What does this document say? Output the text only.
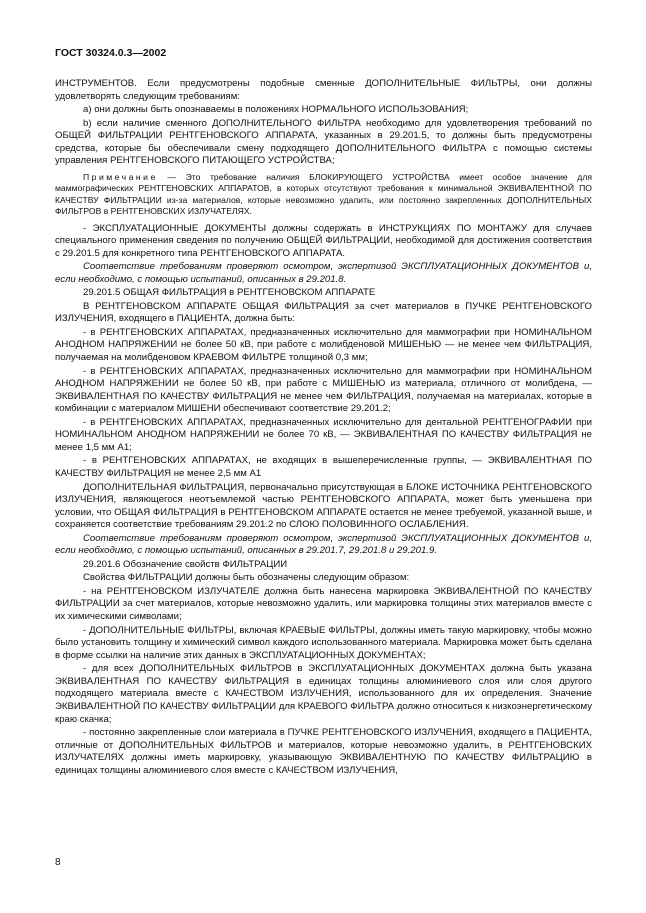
ГОСТ 30324.0.3—2002

ИНСТРУМЕНТОВ. Если предусмотрены подобные сменные ДОПОЛНИТЕЛЬНЫЕ ФИЛЬТРЫ, они должны удовлетворять следующим требованиям:

а) они должны быть опознаваемы в положениях НОРМАЛЬНОГО ИСПОЛЬЗОВАНИЯ;

b) если наличие сменного ДОПОЛНИТЕЛЬНОГО ФИЛЬТРА необходимо для удовлетворения требований по ОБЩЕЙ ФИЛЬТРАЦИИ РЕНТГЕНОВСКОГО АППАРАТА, указанных в 29.201.5, то должны быть предусмотрены средства, которые бы обеспечивали смену подходящего ДОПОЛНИТЕЛЬНОГО ФИЛЬТРА с помощью системы управления РЕНТГЕНОВСКОГО ПИТАЮЩЕГО УСТРОЙСТВА;

Примечание — Это требование наличия БЛОКИРУЮЩЕГО УСТРОЙСТВА имеет особое значение для маммографических РЕНТГЕНОВСКИХ АППАРАТОВ, в которых отсутствуют требования к минимальной ЭКВИВАЛЕНТНОЙ ПО КАЧЕСТВУ ФИЛЬТРАЦИИ из-за материалов, которые невозможно удалить, или постоянно закрепленных ДОПОЛНИТЕЛЬНЫХ ФИЛЬТРОВ в РЕНТГЕНОВСКИХ ИЗЛУЧАТЕЛЯХ.

- ЭКСПЛУАТАЦИОННЫЕ ДОКУМЕНТЫ должны содержать в ИНСТРУКЦИЯХ ПО МОНТАЖУ для случаев специального применения сведения по получению ОБЩЕЙ ФИЛЬТРАЦИИ, необходимой для достижения соответствия с 29.201.5 для конкретного типа РЕНТГЕНОВСКОГО АППАРАТА.

Соответствие требованиям проверяют осмотром, экспертизой ЭКСПЛУАТАЦИОННЫХ ДОКУМЕНТОВ и, если необходимо, с помощью испытаний, описанных в 29.201.8.

29.201.5 ОБЩАЯ ФИЛЬТРАЦИЯ в РЕНТГЕНОВСКОМ АППАРАТЕ

В РЕНТГЕНОВСКОМ АППАРАТЕ ОБЩАЯ ФИЛЬТРАЦИЯ за счет материалов в ПУЧКЕ РЕНТГЕНОВСКОГО ИЗЛУЧЕНИЯ, входящего в ПАЦИЕНТА, должна быть:

- в РЕНТГЕНОВСКИХ АППАРАТАХ, предназначенных исключительно для маммографии при НОМИНАЛЬНОМ АНОДНОМ НАПРЯЖЕНИИ не более 50 кВ, при работе с молибденовой МИШЕНЬЮ — не менее чем ФИЛЬТРАЦИЯ, получаемая на молибденовом КРАЕВОМ ФИЛЬТРЕ толщиной 0,3 мм;

- в РЕНТГЕНОВСКИХ АППАРАТАХ, предназначенных исключительно для маммографии при НОМИНАЛЬНОМ АНОДНОМ НАПРЯЖЕНИИ не более 50 кВ, при работе с МИШЕНЬЮ из материала, отличного от молибдена, — ЭКВИВАЛЕНТНАЯ ПО КАЧЕСТВУ ФИЛЬТРАЦИЯ не менее чем ФИЛЬТРАЦИЯ, получаемая на материалах, которые в комбинации с материалом МИШЕНИ обеспечивают соответствие 29.201.2;

- в РЕНТГЕНОВСКИХ АППАРАТАХ, предназначенных исключительно для дентальной РЕНТГЕНОГРАФИИ при НОМИНАЛЬНОМ АНОДНОМ НАПРЯЖЕНИИ не более 70 кВ, — ЭКВИВАЛЕНТНАЯ ПО КАЧЕСТВУ ФИЛЬТРАЦИЯ не менее 1,5 мм А1;

- в РЕНТГЕНОВСКИХ АППАРАТАХ, не входящих в вышеперечисленные группы, — ЭКВИВАЛЕНТНАЯ ПО КАЧЕСТВУ ФИЛЬТРАЦИЯ не менее 2,5 мм А1

ДОПОЛНИТЕЛЬНАЯ ФИЛЬТРАЦИЯ, первоначально присутствующая в БЛОКЕ ИСТОЧНИКА РЕНТГЕНОВСКОГО ИЗЛУЧЕНИЯ, являющегося неотъемлемой частью РЕНТГЕНОВСКОГО АППАРАТА, может быть уменьшена при условии, что ОБЩАЯ ФИЛЬТРАЦИЯ в РЕНТГЕНОВСКОМ АППАРАТЕ остается не менее требуемой, указанной выше, и сохраняется соответствие требованиям 29.201.2 по СЛОЮ ПОЛОВИННОГО ОСЛАБЛЕНИЯ.

Соответствие требованиям проверяют осмотром, экспертизой ЭКСПЛУАТАЦИОННЫХ ДОКУМЕНТОВ и, если необходимо, с помощью испытаний, описанных в 29.201.7, 29.201.8 и 29.201.9.

29.201.6 Обозначение свойств ФИЛЬТРАЦИИ

Свойства ФИЛЬТРАЦИИ должны быть обозначены следующим образом:

- на РЕНТГЕНОВСКОМ ИЗЛУЧАТЕЛЕ должна быть нанесена маркировка ЭКВИВАЛЕНТНОЙ ПО КАЧЕСТВУ ФИЛЬТРАЦИИ за счет материалов, которые невозможно удалить, или маркировка толщины этих материалов вместе с их химическими символами;

- ДОПОЛНИТЕЛЬНЫЕ ФИЛЬТРЫ, включая КРАЕВЫЕ ФИЛЬТРЫ, должны иметь такую маркировку, чтобы можно было установить толщину и химический символ каждого использованного материала. Маркировка может быть сделана в форме ссылки на наличие этих данных в ЭКСПЛУАТАЦИОННЫХ ДОКУМЕНТАХ;

- для всех ДОПОЛНИТЕЛЬНЫХ ФИЛЬТРОВ в ЭКСПЛУАТАЦИОННЫХ ДОКУМЕНТАХ должна быть указана ЭКВИВАЛЕНТНАЯ ПО КАЧЕСТВУ ФИЛЬТРАЦИЯ в единицах толщины алюминиевого слоя или слоя другого подходящего материала вместе с КАЧЕСТВОМ ИЗЛУЧЕНИЯ, использованного для их определения. Значение ЭКВИВАЛЕНТНОЙ ПО КАЧЕСТВУ ФИЛЬТРАЦИИ для КРАЕВОГО ФИЛЬТРА должно относиться к низкоэнергетическому краю скачка;

- постоянно закрепленные слои материала в ПУЧКЕ РЕНТГЕНОВСКОГО ИЗЛУЧЕНИЯ, входящего в ПАЦИЕНТА, отличные от ДОПОЛНИТЕЛЬНЫХ ФИЛЬТРОВ и материалов, которые невозможно удалить, в РЕНТГЕНОВСКИХ ИЗЛУЧАТЕЛЯХ должны иметь маркировку, указывающую ЭКВИВАЛЕНТНУЮ ПО КАЧЕСТВУ ФИЛЬТРАЦИЮ в единицах толщины алюминиевого слоя вместе с КАЧЕСТВОМ ИЗЛУЧЕНИЯ,

8
